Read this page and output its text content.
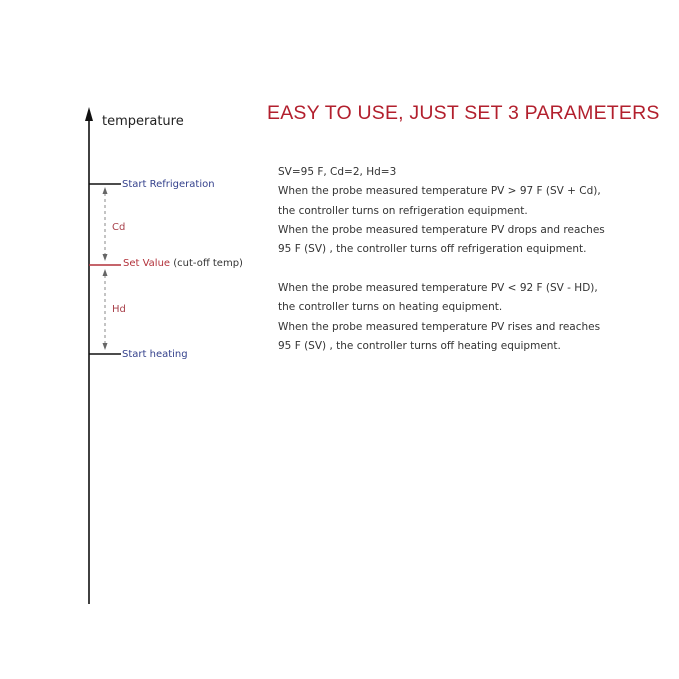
temperature
Start Refrigeration
Set Value (cut-off temp)
Start heating
Cd
Hd
EASY TO USE, JUST SET 3 PARAMETERS
SV=95 F, Cd=2, Hd=3
When the probe measured temperature PV > 97 F (SV + Cd),
the controller turns on refrigeration equipment.
When the probe measured temperature PV drops and reaches
95 F (SV) , the controller turns off refrigeration equipment.
When the probe measured temperature PV < 92 F (SV - HD),
the controller turns on heating equipment.
When the probe measured temperature PV rises and reaches
95 F (SV) , the controller turns off heating equipment.
